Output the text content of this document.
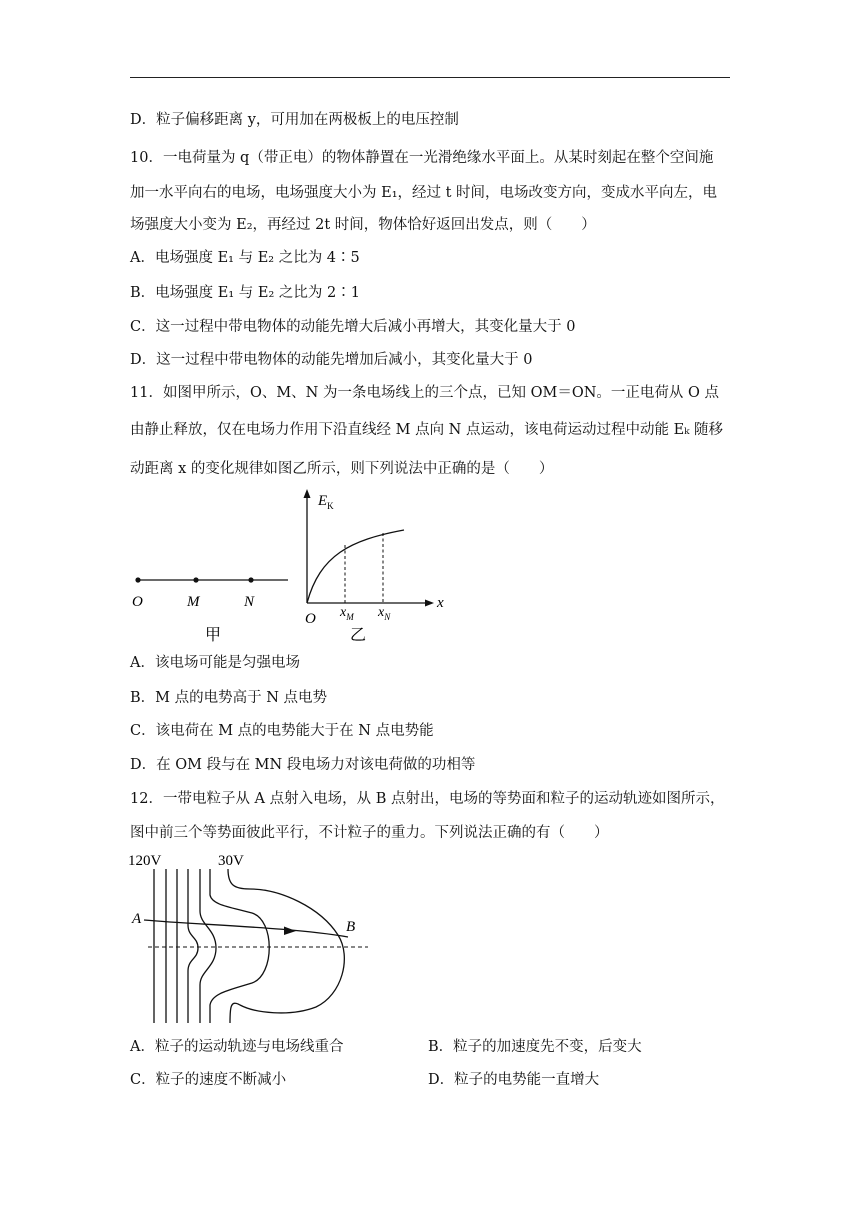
D．粒子偏移距离 y，可用加在两极板上的电压控制
10．一电荷量为 q（带正电）的物体静置在一光滑绝缘水平面上。从某时刻起在整个空间施
加一水平向右的电场，电场强度大小为 E₁，经过 t 时间，电场改变方向，变成水平向左，电
场强度大小变为 E₂，再经过 2t 时间，物体恰好返回出发点，则（　　）
A．电场强度 E₁ 与 E₂ 之比为 4∶5
B．电场强度 E₁ 与 E₂ 之比为 2∶1
C．这一过程中带电物体的动能先增大后减小再增大，其变化量大于 0
D．这一过程中带电物体的动能先增加后减小，其变化量大于 0
11．如图甲所示，O、M、N 为一条电场线上的三个点，已知 OM＝ON。一正电荷从 O 点
由静止释放，仅在电场力作用下沿直线经 M 点向 N 点运动，该电荷运动过程中动能 Eₖ 随移
动距离 x 的变化规律如图乙所示，则下列说法中正确的是（　　）
O	M	N
甲
$E_K$
O $x_M$ $x_N$
x
乙
A．该电场可能是匀强电场
B．M 点的电势高于 N 点电势
C．该电荷在 M 点的电势能大于在 N 点电势能
D．在 OM 段与在 MN 段电场力对该电荷做的功相等
12．一带电粒子从 A 点射入电场，从 B 点射出，电场的等势面和粒子的运动轨迹如图所示，
图中前三个等势面彼此平行，不计粒子的重力。下列说法正确的有（　　）
120V	30V
A	B
A．粒子的运动轨迹与电场线重合	B．粒子的加速度先不变，后变大
C．粒子的速度不断减小	D．粒子的电势能一直增大
